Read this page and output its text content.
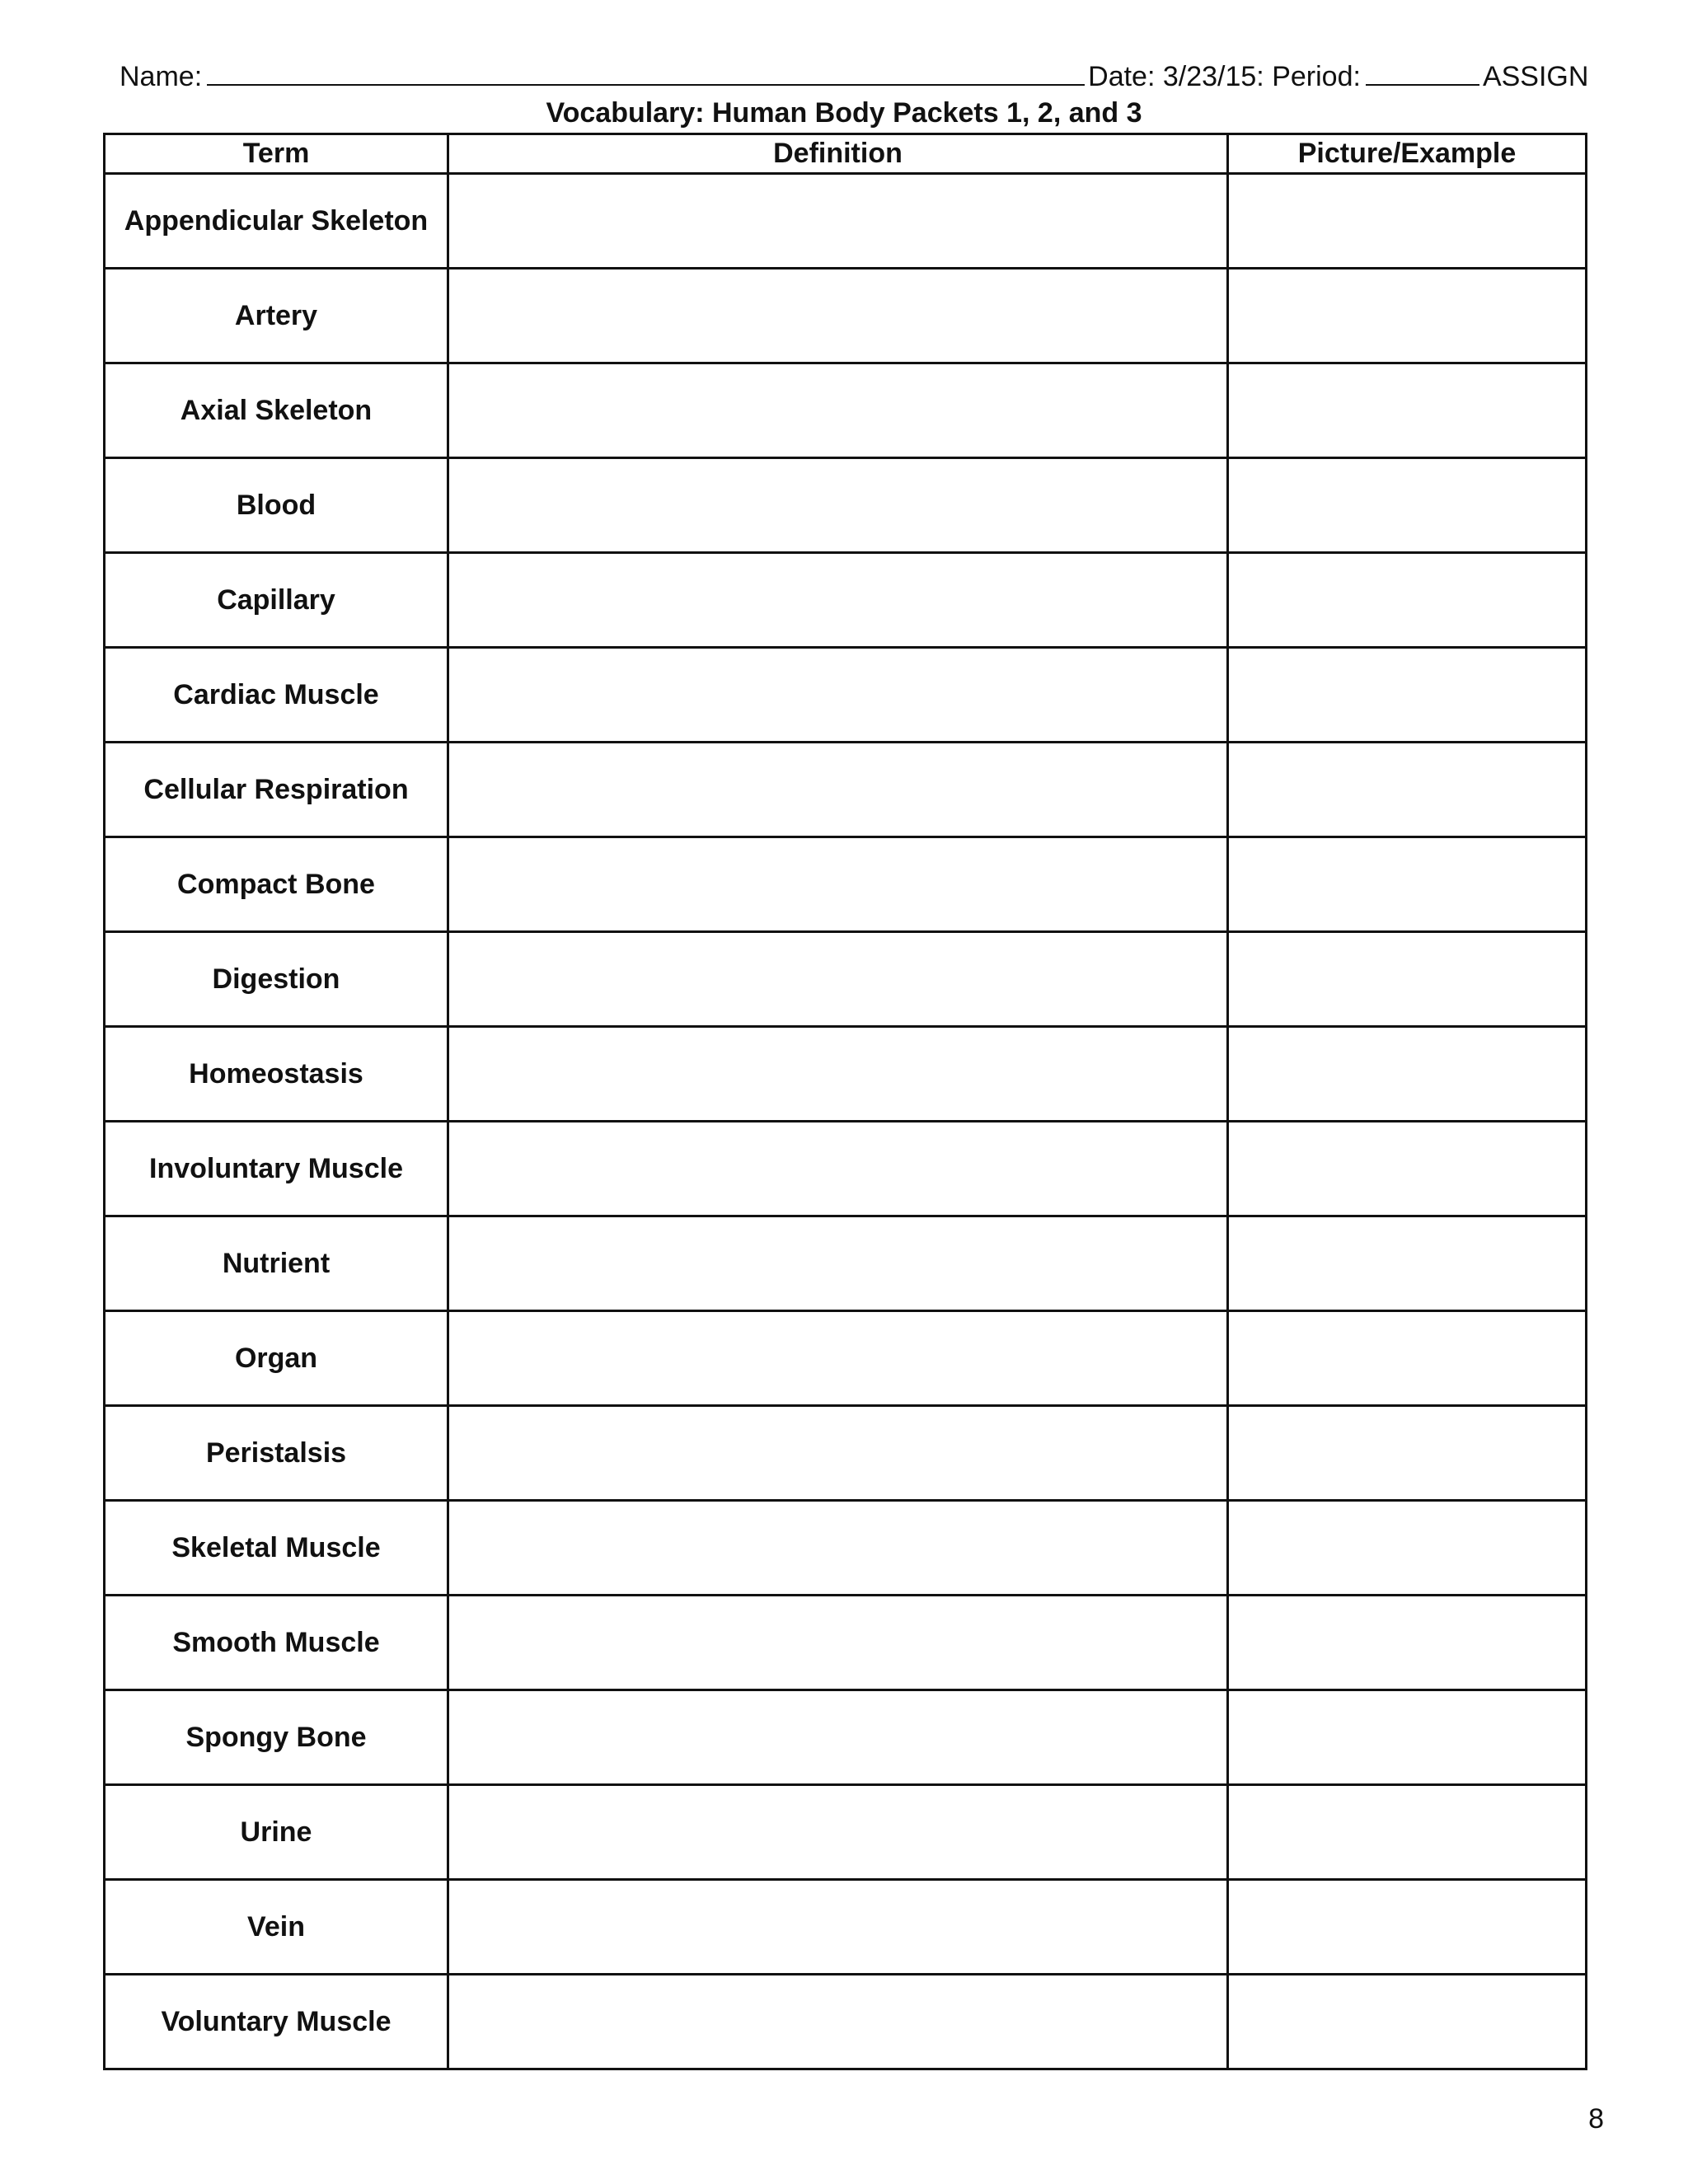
Name:	Date: 3/23/15: Period:	ASSIGN
Vocabulary: Human Body Packets 1, 2, and 3
Term	Definition	Picture/Example
Appendicular Skeleton		
Artery		
Axial Skeleton		
Blood		
Capillary		
Cardiac Muscle		
Cellular Respiration		
Compact Bone		
Digestion		
Homeostasis		
Involuntary Muscle		
Nutrient		
Organ		
Peristalsis		
Skeletal Muscle		
Smooth Muscle		
Spongy Bone		
Urine		
Vein		
Voluntary Muscle		
8
